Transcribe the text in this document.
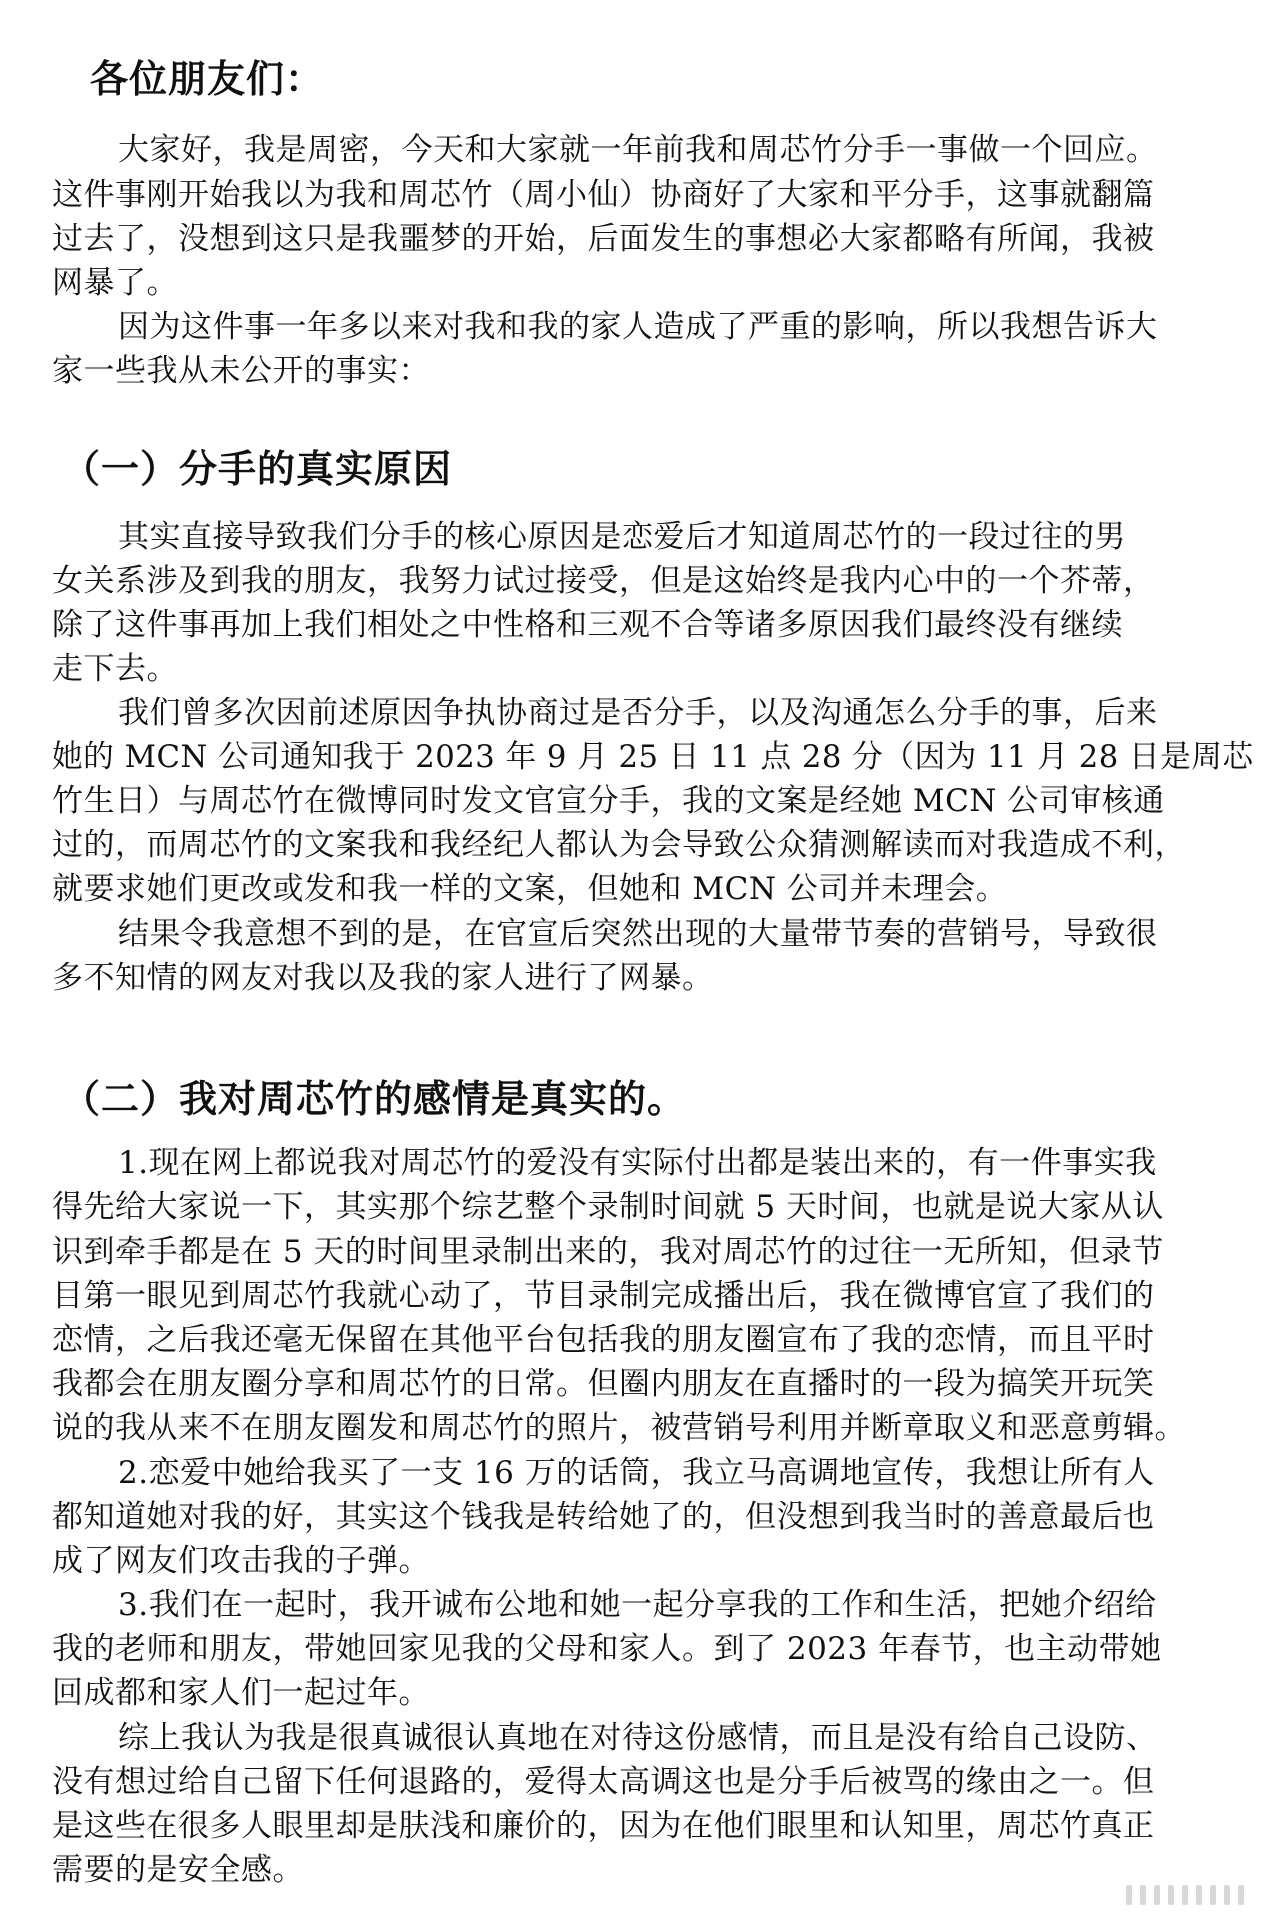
各位朋友们：
大家好，我是周密，今天和大家就一年前我和周芯竹分手一事做一个回应。
这件事刚开始我以为我和周芯竹（周小仙）协商好了大家和平分手，这事就翻篇
过去了，没想到这只是我噩梦的开始，后面发生的事想必大家都略有所闻，我被
网暴了。
因为这件事一年多以来对我和我的家人造成了严重的影响，所以我想告诉大
家一些我从未公开的事实：
（一）分手的真实原因
其实直接导致我们分手的核心原因是恋爱后才知道周芯竹的一段过往的男
女关系涉及到我的朋友，我努力试过接受，但是这始终是我内心中的一个芥蒂，
除了这件事再加上我们相处之中性格和三观不合等诸多原因我们最终没有继续
走下去。
我们曾多次因前述原因争执协商过是否分手，以及沟通怎么分手的事，后来
她的 MCN 公司通知我于 2023 年 9 月 25 日 11 点 28 分（因为 11 月 28 日是周芯
竹生日）与周芯竹在微博同时发文官宣分手，我的文案是经她 MCN 公司审核通
过的，而周芯竹的文案我和我经纪人都认为会导致公众猜测解读而对我造成不利，
就要求她们更改或发和我一样的文案，但她和 MCN 公司并未理会。
结果令我意想不到的是，在官宣后突然出现的大量带节奏的营销号，导致很
多不知情的网友对我以及我的家人进行了网暴。
（二）我对周芯竹的感情是真实的。
1.现在网上都说我对周芯竹的爱没有实际付出都是装出来的，有一件事实我
得先给大家说一下，其实那个综艺整个录制时间就 5 天时间，也就是说大家从认
识到牵手都是在 5 天的时间里录制出来的，我对周芯竹的过往一无所知，但录节
目第一眼见到周芯竹我就心动了，节目录制完成播出后，我在微博官宣了我们的
恋情，之后我还毫无保留在其他平台包括我的朋友圈宣布了我的恋情，而且平时
我都会在朋友圈分享和周芯竹的日常。但圈内朋友在直播时的一段为搞笑开玩笑
说的我从来不在朋友圈发和周芯竹的照片，被营销号利用并断章取义和恶意剪辑。
2.恋爱中她给我买了一支 16 万的话筒，我立马高调地宣传，我想让所有人
都知道她对我的好，其实这个钱我是转给她了的，但没想到我当时的善意最后也
成了网友们攻击我的子弹。
3.我们在一起时，我开诚布公地和她一起分享我的工作和生活，把她介绍给
我的老师和朋友，带她回家见我的父母和家人。到了 2023 年春节，也主动带她
回成都和家人们一起过年。
综上我认为我是很真诚很认真地在对待这份感情，而且是没有给自己设防、
没有想过给自己留下任何退路的，爱得太高调这也是分手后被骂的缘由之一。但
是这些在很多人眼里却是肤浅和廉价的，因为在他们眼里和认知里，周芯竹真正
需要的是安全感。
